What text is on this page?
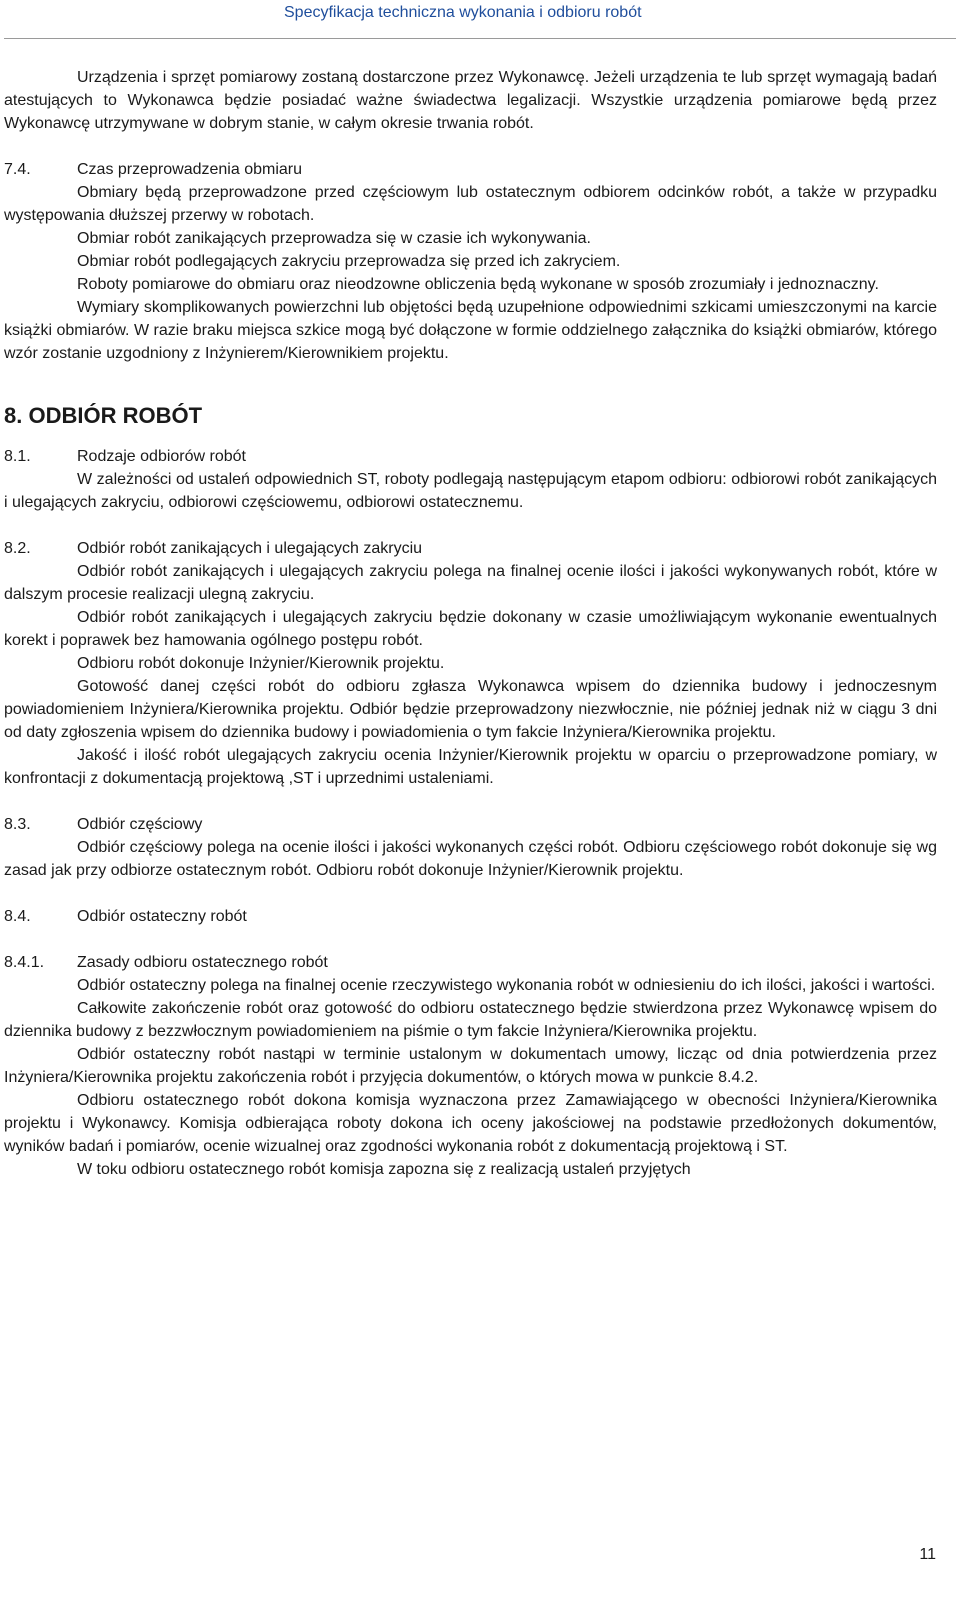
Specyfikacja techniczna wykonania i odbioru robót

Urządzenia i sprzęt pomiarowy zostaną dostarczone przez Wykonawcę. Jeżeli urządzenia te lub sprzęt wymagają badań atestujących to Wykonawca będzie posiadać ważne świadectwa legalizacji. Wszystkie urządzenia pomiarowe będą przez Wykonawcę utrzymywane w dobrym stanie, w całym okresie trwania robót.

7.4.	Czas przeprowadzenia obmiaru

Obmiary będą przeprowadzone przed częściowym lub ostatecznym odbiorem odcinków robót, a także w przypadku występowania dłuższej przerwy w robotach.

Obmiar robót zanikających przeprowadza się w czasie ich wykonywania.

Obmiar robót podlegających zakryciu przeprowadza się przed ich zakryciem.

Roboty pomiarowe do obmiaru oraz nieodzowne obliczenia będą wykonane w sposób zrozumiały i jednoznaczny.

Wymiary skomplikowanych powierzchni lub objętości będą uzupełnione odpowiednimi szkicami umieszczonymi na karcie książki obmiarów. W razie braku miejsca szkice mogą być dołączone w formie oddzielnego załącznika do książki obmiarów, którego wzór zostanie uzgodniony z Inżynierem/Kierownikiem projektu.

8. ODBIÓR ROBÓT
8.1.	Rodzaje odbiorów robót

W zależności od ustaleń odpowiednich ST, roboty podlegają następującym etapom odbioru: odbiorowi robót zanikających i ulegających zakryciu, odbiorowi częściowemu, odbiorowi ostatecznemu.

8.2.	Odbiór robót zanikających i ulegających zakryciu

Odbiór robót zanikających i ulegających zakryciu polega na finalnej ocenie ilości i jakości wykonywanych robót, które w dalszym procesie realizacji ulegną zakryciu.

Odbiór robót zanikających i ulegających zakryciu będzie dokonany w czasie umożliwiającym wykonanie ewentualnych korekt i poprawek bez hamowania ogólnego postępu robót.

Odbioru robót dokonuje Inżynier/Kierownik projektu.

Gotowość danej części robót do odbioru zgłasza Wykonawca wpisem do dziennika budowy i jednoczesnym powiadomieniem Inżyniera/Kierownika projektu. Odbiór będzie przeprowadzony niezwłocznie, nie później jednak niż w ciągu 3 dni od daty zgłoszenia wpisem do dziennika budowy i powiadomienia o tym fakcie Inżyniera/Kierownika projektu.

Jakość i ilość robót ulegających zakryciu ocenia Inżynier/Kierownik projektu w oparciu o przeprowadzone pomiary, w konfrontacji z dokumentacją projektową ,ST i uprzednimi ustaleniami.

8.3.	Odbiór częściowy

Odbiór częściowy polega na ocenie ilości i jakości wykonanych części robót. Odbioru częściowego robót dokonuje się wg zasad jak przy odbiorze ostatecznym robót. Odbioru robót dokonuje Inżynier/Kierownik projektu.

8.4.	Odbiór ostateczny robót
8.4.1.	Zasady odbioru ostatecznego robót

Odbiór ostateczny polega na finalnej ocenie rzeczywistego wykonania robót w odniesieniu do ich ilości, jakości i wartości.

Całkowite zakończenie robót oraz gotowość do odbioru ostatecznego będzie stwierdzona przez Wykonawcę wpisem do dziennika budowy z bezzwłocznym powiadomieniem na piśmie o tym fakcie Inżyniera/Kierownika projektu.

Odbiór ostateczny robót nastąpi w terminie ustalonym w dokumentach umowy, licząc od dnia potwierdzenia przez Inżyniera/Kierownika projektu zakończenia robót i przyjęcia dokumentów, o których mowa w punkcie 8.4.2.

Odbioru ostatecznego robót dokona komisja wyznaczona przez Zamawiającego w obecności Inżyniera/Kierownika projektu i Wykonawcy. Komisja odbierająca roboty dokona ich oceny jakościowej na podstawie przedłożonych dokumentów, wyników badań i pomiarów, ocenie wizualnej oraz zgodności wykonania robót z dokumentacją projektową i ST.

W toku odbioru ostatecznego robót komisja zapozna się z realizacją ustaleń przyjętych

11
